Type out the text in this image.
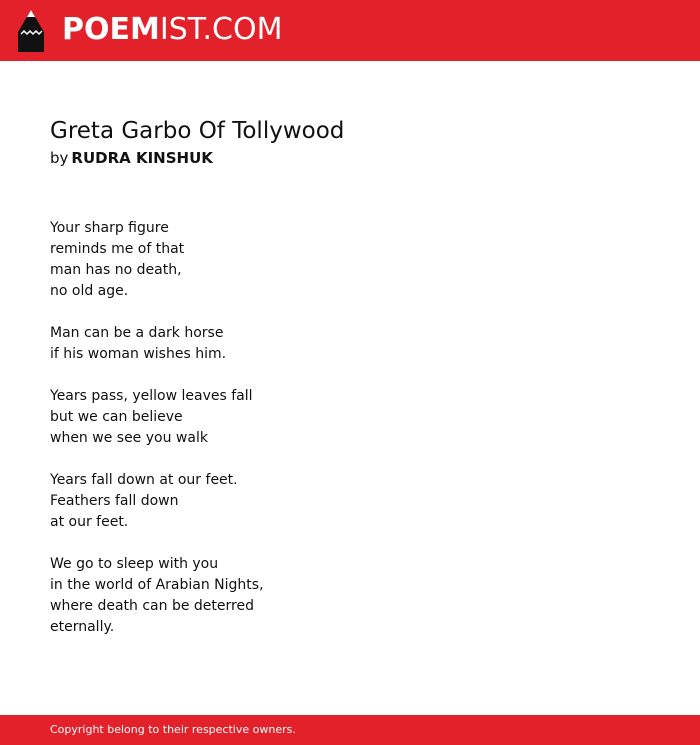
POEMIST.COM
Greta Garbo Of Tollywood
by RUDRA KINSHUK
Your sharp figure
reminds me of that
man has no death,
no old age.
Man can be a dark horse
if his woman wishes him.
Years pass, yellow leaves fall
but we can believe
when we see you walk
Years fall down at our feet.
Feathers fall down
at our feet.
We go to sleep with you
in the world of Arabian Nights,
where death can be deterred
eternally.
Copyright belong to their respective owners.
